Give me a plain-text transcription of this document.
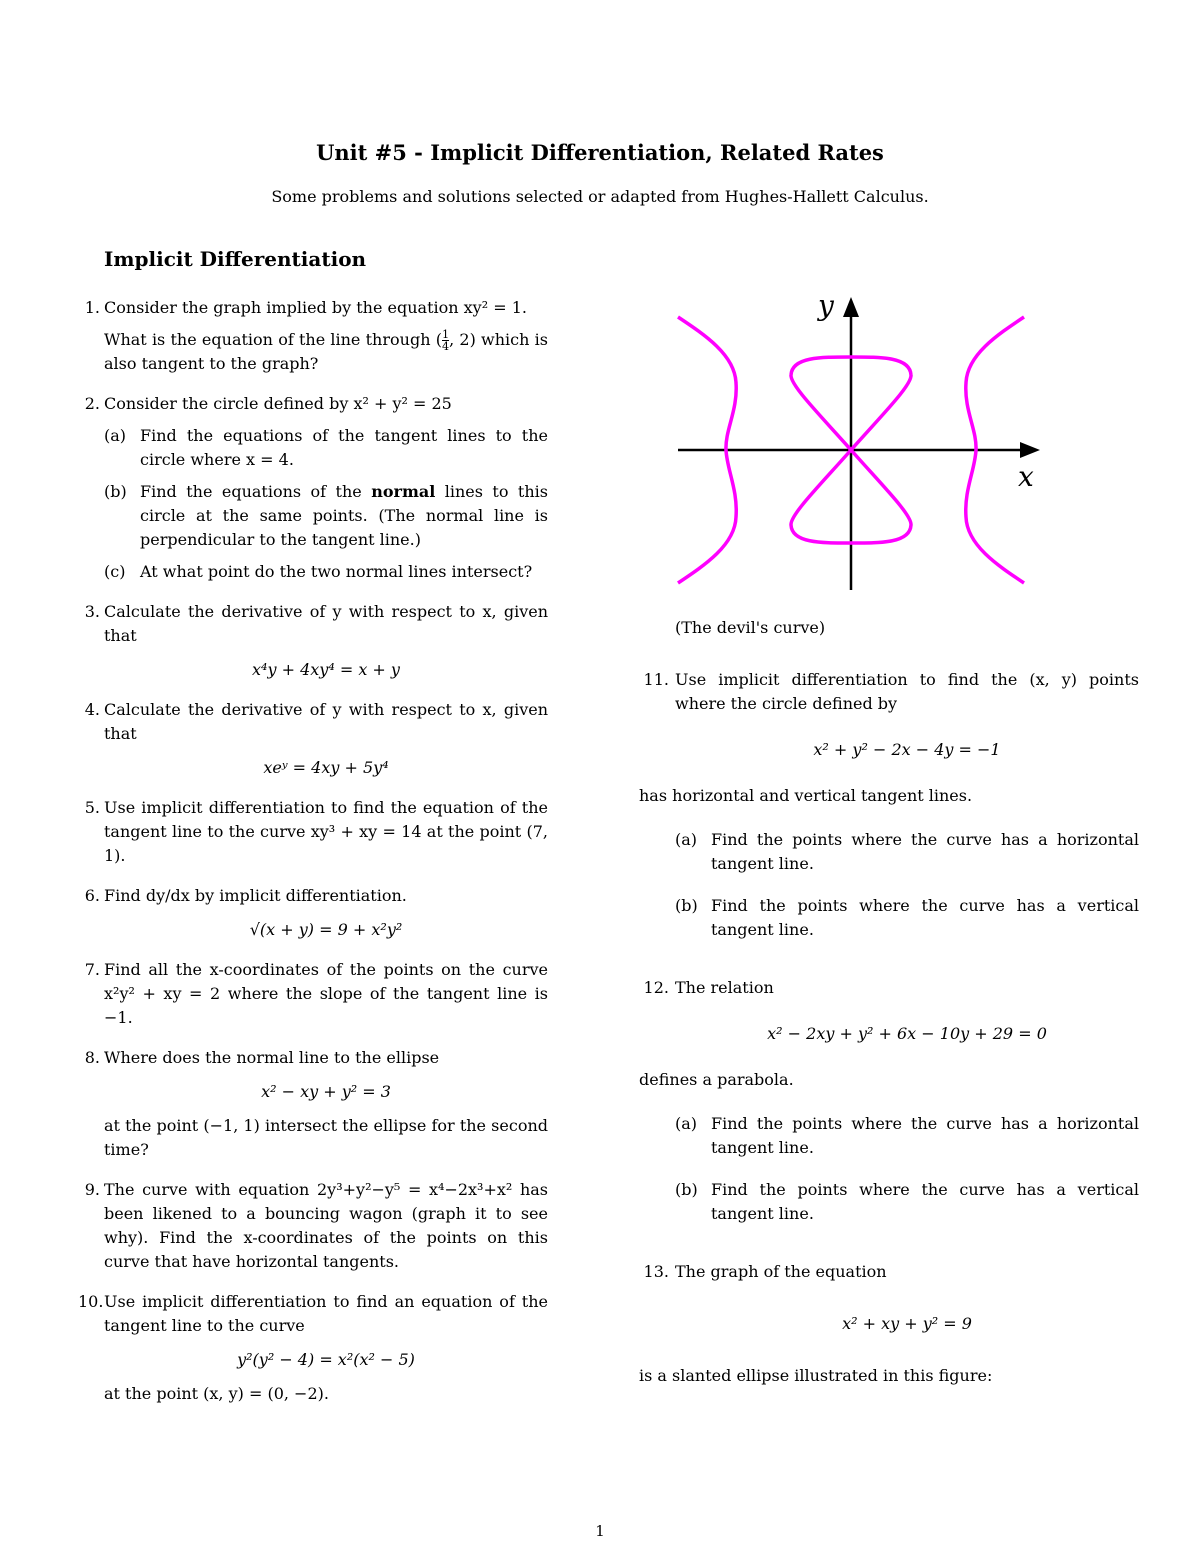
Unit #5 - Implicit Differentiation, Related Rates
Some problems and solutions selected or adapted from Hughes-Hallett Calculus.
Implicit Differentiation
1. Consider the graph implied by the equation xy² = 1.

What is the equation of the line through ( $\frac{1}{4}$ , 2) which is also tangent to the graph?

2. Consider the circle defined by x² + y² = 25

(a) Find the equations of the tangent lines to the circle where x = 4.
(b) Find the equations of the normal lines to this circle at the same points. (The normal line is perpendicular to the tangent line.)
(c) At what point do the two normal lines intersect?
3. Calculate the derivative of y with respect to x, given that
x⁴y + 4xy⁴ = x + y
4. Calculate the derivative of y with respect to x, given that
xeʸ = 4xy + 5y⁴
5. Use implicit differentiation to find the equation of the tangent line to the curve xy³ + xy = 14 at the point (7, 1).
6. Find dy/dx by implicit differentiation.
√(x + y) = 9 + x²y²
7. Find all the x-coordinates of the points on the curve x²y² + xy = 2 where the slope of the tangent line is −1.
8. Where does the normal line to the ellipse
x² − xy + y² = 3
at the point (−1, 1) intersect the ellipse for the second time?
9. The curve with equation 2y³+y²−y⁵ = x⁴−2x³+x² has been likened to a bouncing wagon (graph it to see why). Find the x-coordinates of the points on this curve that have horizontal tangents.
10. Use implicit differentiation to find an equation of the tangent line to the curve
y²(y² − 4) = x²(x² − 5)
at the point (x, y) = (0, −2).
x
y
(The devil's curve)
11. Use implicit differentiation to find the (x, y) points where the circle defined by
x² + y² − 2x − 4y = −1
has horizontal and vertical tangent lines.
(a) Find the points where the curve has a horizontal tangent line.
(b) Find the points where the curve has a vertical tangent line.
12. The relation
x² − 2xy + y² + 6x − 10y + 29 = 0
defines a parabola.
(a) Find the points where the curve has a horizontal tangent line.
(b) Find the points where the curve has a vertical tangent line.
13. The graph of the equation
x² + xy + y² = 9
is a slanted ellipse illustrated in this figure:
1
